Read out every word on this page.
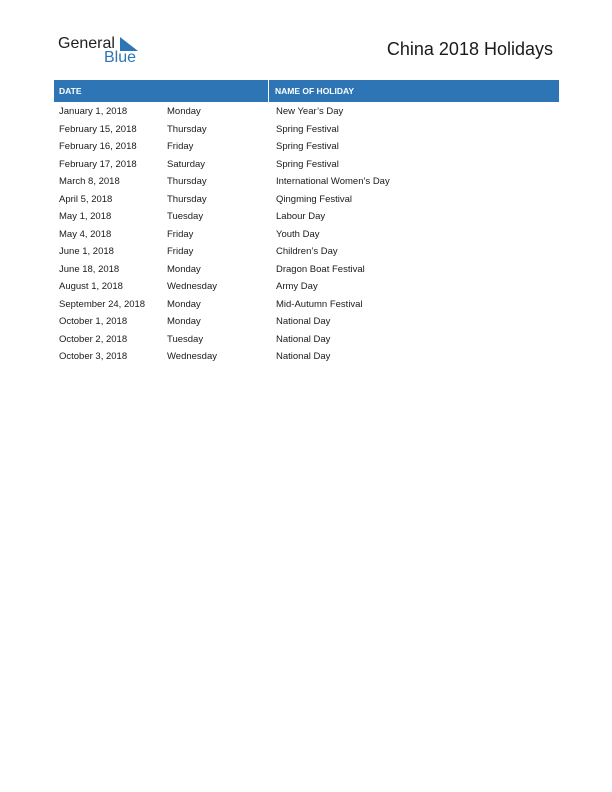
General
Blue	China 2018 Holidays
DATE	NAME OF HOLIDAY
January 1, 2018	Monday	New Year’s Day
February 15, 2018	Thursday	Spring Festival
February 16, 2018	Friday	Spring Festival
February 17, 2018	Saturday	Spring Festival
March 8, 2018	Thursday	International Women’s Day
April 5, 2018	Thursday	Qingming Festival
May 1, 2018	Tuesday	Labour Day
May 4, 2018	Friday	Youth Day
June 1, 2018	Friday	Children’s Day
June 18, 2018	Monday	Dragon Boat Festival
August 1, 2018	Wednesday	Army Day
September 24, 2018	Monday	Mid-Autumn Festival
October 1, 2018	Monday	National Day
October 2, 2018	Tuesday	National Day
October 3, 2018	Wednesday	National Day
